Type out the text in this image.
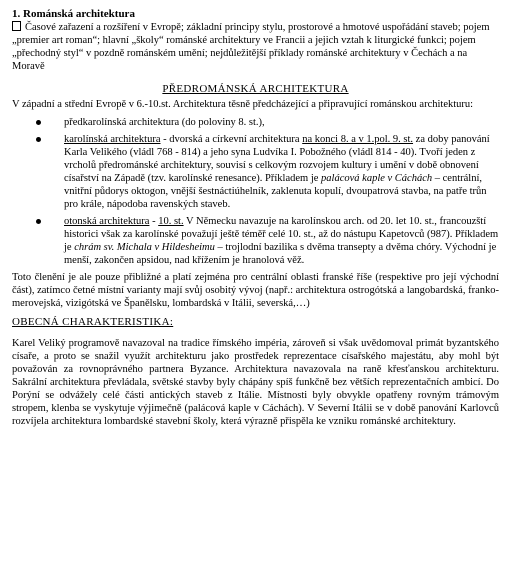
1. Románská architektura

Časové zařazení a rozšíření v Evropě; základní principy stylu, prostorové a hmotové uspořádání staveb; pojem „premier art roman“; hlavní „školy“ románské architektury ve Francii a jejich vztah k liturgické funkci; pojem „přechodný styl“ v pozdně románském umění; nejdůležitější příklady románské architektury v Čechách a na Moravě

PŘEDROMÁNSKÁ ARCHITEKTURA

V západní a střední Evropě v 6.-10.st. Architektura těsně předcházející a připravující románskou architekturu:

předkarolínská architektura (do poloviny 8. st.),
karolínská architektura - dvorská a církevní architektura na konci 8. a v 1.pol. 9. st. za doby panování Karla Velikého (vládl 768 - 814) a jeho syna Ludvíka I. Pobožného (vládl 814 - 40). Tvoří jeden z vrcholů předrománské architektury, souvisí s celkovým rozvojem kultury i umění v době obnovení císařství na Západě (tzv. karolínské renesance). Příkladem je palácová kaple v Cáchách – centrální, vnitřní půdorys oktogon, vnější šestnáctiúhelník, zaklenuta kopulí, dvoupatrová stavba, na patře trůn pro krále, nápodoba ravenských staveb.
otonská architektura - 10. st. V Německu navazuje na karolínskou arch. od 20. let 10. st., francouzští historici však za karolínské považují ještě téměř celé 10. st., až do nástupu Kapetovců (987). Příkladem je chrám sv. Michala v Hildesheimu – trojlodní bazilika s dvěma transepty a dvěma chóry. Východní je menší, zakončen apsidou, nad křížením je hranolová věž.

Toto členění je ale pouze přibližné a platí zejména pro centrální oblasti franské říše (respektive pro její východní část), zatímco četné místní varianty mají svůj osobitý vývoj (např.: architektura ostrogótská a langobardská, franko-merovejská, vizigótská ve Španělsku, lombardská v Itálii, severská,…)

OBECNÁ CHARAKTERISTIKA:

Karel Veliký programově navazoval na tradice římského impéria, zároveň si však uvědomoval primát byzantského císaře, a proto se snažil využít architekturu jako prostředek reprezentace císařského majestátu, aby mohl být považován za rovnoprávného partnera Byzance. Architektura navazovala na raně křesťanskou architekturu. Sakrální architektura převládala, světské stavby byly chápány spíš funkčně bez větších reprezentačních ambicí. Do Porýní se odvážely celé části antických staveb z Itálie. Místnosti byly obvykle opatřeny rovným trámovým stropem, klenba se vyskytuje výjimečně (palácová kaple v Cáchách). V Severní Itálii se v době panování Karlovců rozvíjela architektura lombardské stavební školy, která výrazně přispěla ke vzniku románské architektury.
